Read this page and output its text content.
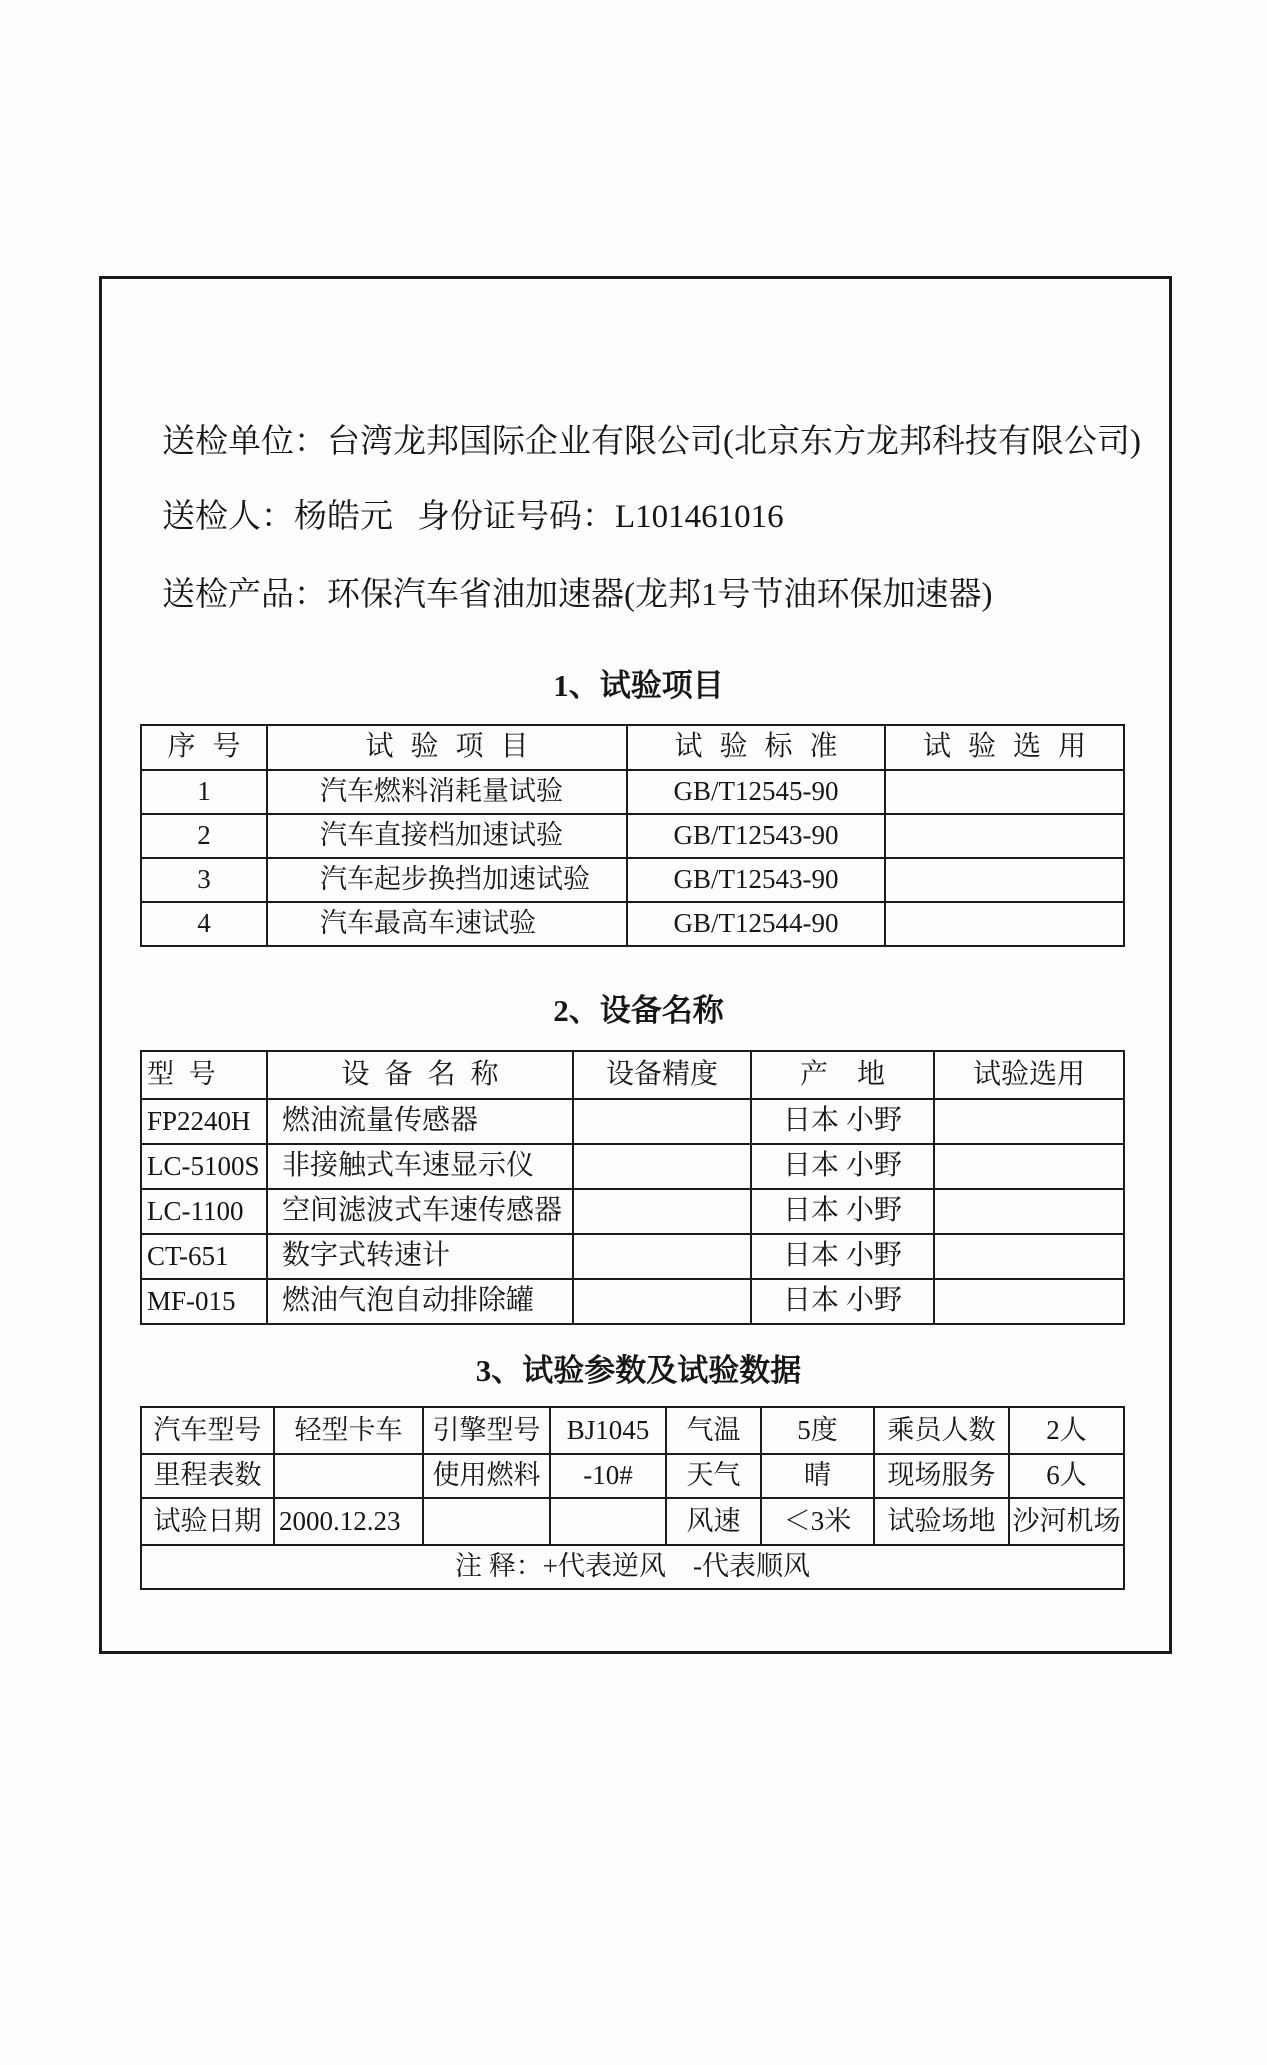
送检单位：台湾龙邦国际企业有限公司(北京东方龙邦科技有限公司)
送检人：杨皓元 身份证号码：L101461016
送检产品：环保汽车省油加速器(龙邦1号节油环保加速器)
1、试验项目
序 号	试 验 项 目	试 验 标 准	试 验 选 用
1	汽车燃料消耗量试验	GB/T12545-90	
2	汽车直接档加速试验	GB/T12543-90	
3	汽车起步换挡加速试验	GB/T12543-90	
4	汽车最高车速试验	GB/T12544-90	
2、设备名称
型 号	设 备 名 称	设备精度	产 地	试验选用
FP2240H	燃油流量传感器		日本 小野	
LC-5100S	非接触式车速显示仪		日本 小野	
LC-1100	空间滤波式车速传感器		日本 小野	
CT-651	数字式转速计		日本 小野	
MF-015	燃油气泡自动排除罐		日本 小野	
3、试验参数及试验数据
汽车型号	轻型卡车	引擎型号	BJ1045	气温	5度	乘员人数	2人
里程表数		使用燃料	-10#	天气	晴	现场服务	6人
试验日期	2000.12.23			风速	＜3米	试验场地	沙河机场
注 释：+代表逆风    -代表顺风							
